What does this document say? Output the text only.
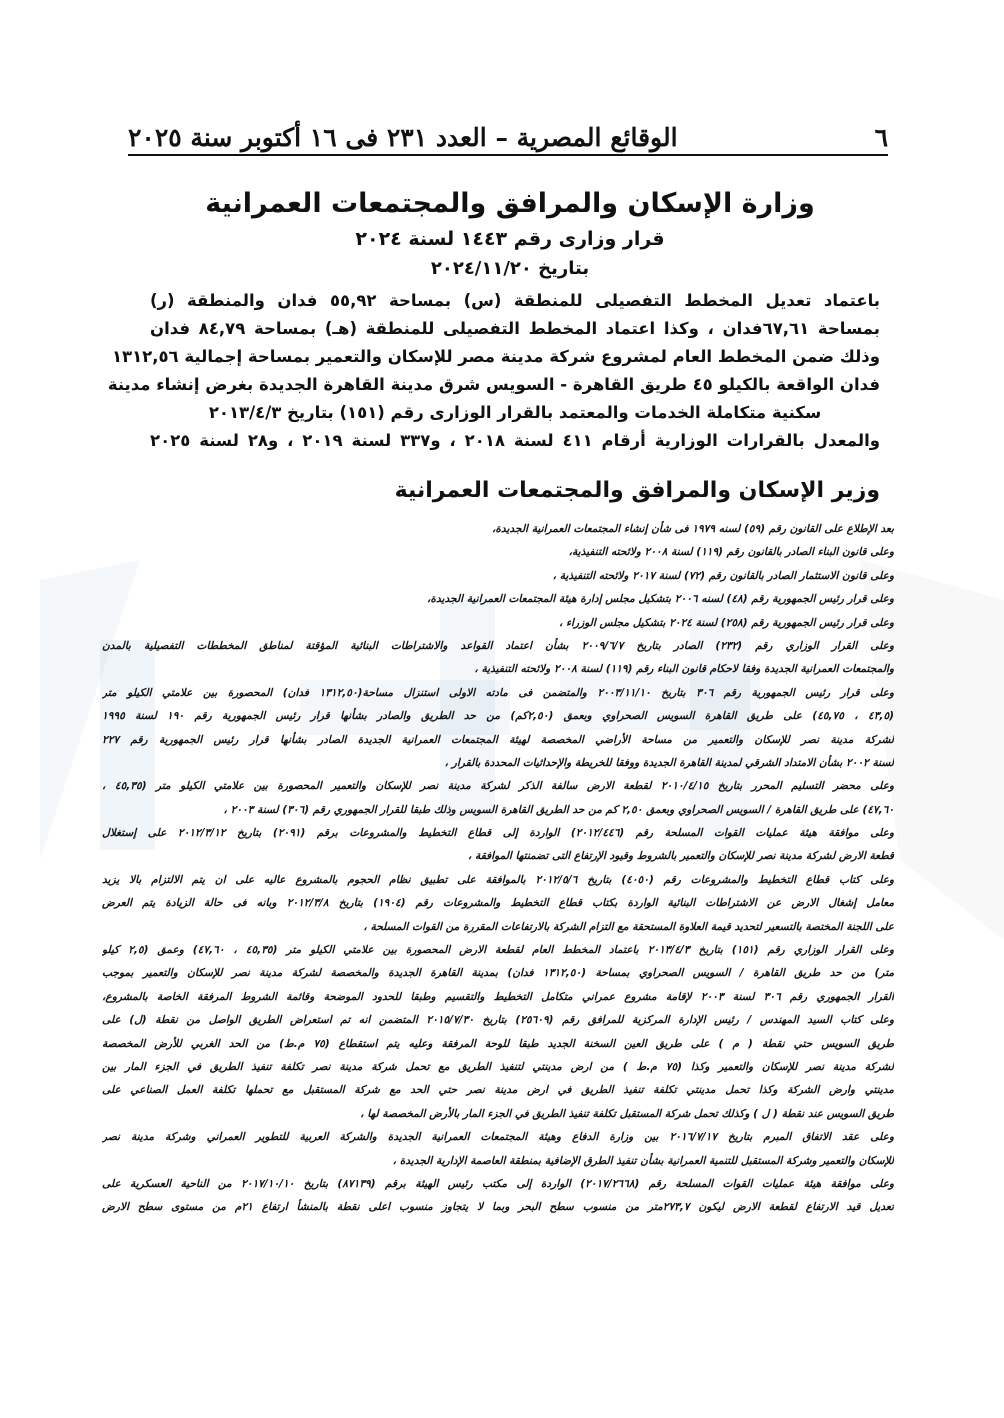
٦
الوقائع المصرية – العدد ٢٣١ فى ١٦ أكتوبر سنة ٢٠٢٥
وزارة الإسكان والمرافق والمجتمعات العمرانية
قرار وزارى رقم ١٤٤٣ لسنة ٢٠٢٤
بتاريخ ٢٠٢٤/١١/٢٠
باعتماد تعديل المخطط التفصيلى للمنطقة (س) بمساحة ٥٥,٩٢ فدان والمنطقة (ر)
بمساحة ٦٧,٦١فدان ، وكذا اعتماد المخطط التفصيلى للمنطقة (هـ) بمساحة ٨٤,٧٩ فدان
وذلك ضمن المخطط العام لمشروع شركة مدينة مصر للإسكان والتعمير بمساحة إجمالية ١٣١٢,٥٦
فدان الواقعة بالكيلو ٤٥ طريق القاهرة - السويس شرق مدينة القاهرة الجديدة بغرض إنشاء مدينة
سكنية متكاملة الخدمات والمعتمد بالقرار الوزارى رقم (١٥١) بتاريخ ٢٠١٣/٤/٣
والمعدل بالقرارات الوزارية أرقام ٤١١ لسنة ٢٠١٨ ، و٣٣٧ لسنة ٢٠١٩ ، و٢٨ لسنة ٢٠٢٥
وزير الإسكان والمرافق والمجتمعات العمرانية
بعد الإطلاع على القانون رقم (٥٩) لسنه ١٩٧٩ فى شأن إنشاء المجتمعات العمرانية الجديدة،
وعلى قانون البناء الصادر بالقانون رقم (١١٩) لسنة ٢٠٠٨ ولائحته التنفيذية،
وعلى قانون الاستثمار الصادر بالقانون رقم (٧٢) لسنة ٢٠١٧ ولائحته التنفيذية ،
وعلى قرار رئيس الجمهورية رقم (٤٨) لسنه ٢٠٠٦ بتشكيل مجلس إدارة هيئة المجتمعات العمرانية الجديدة،
وعلى قرار رئيس الجمهورية رقم (٢٥٨) لسنة ٢٠٢٤ بتشكيل مجلس الوزراء ،
وعلى القرار الوزاري رقم (٢٣٢) الصادر بتاريخ ٢٠٠٩/٦/٧ بشأن اعتماد القواعد والاشتراطات البنائية المؤقتة لمناطق المخططات التفصيلية بالمدن
والمجتمعات العمرانية الجديدة وفقا لاحكام قانون البناء رقم (١١٩) لسنة ٢٠٠٨ ولائحته التنفيذية ،
وعلى قرار رئيس الجمهورية رقم ٣٠٦ بتاريخ ٢٠٠٣/١١/١٠ والمتضمن فى مادته الاولى استنزال مساحة(١٣١٢,٥٠ فدان) المحصورة بين علامتي الكيلو متر
(٤٣,٥ ، ٤٥,٧٥) على طريق القاهرة السويس الصحراوي وبعمق (٢,٥٠كم) من حد الطريق والصادر بشأنها قرار رئيس الجمهورية رقم ١٩٠ لسنة ١٩٩٥
لشركة مدينة نصر للإسكان والتعمير من مساحة الأراضي المخصصة لهيئة المجتمعات العمرانية الجديدة الصادر بشأنها قرار رئيس الجمهورية رقم ٢٢٧
لسنة ٢٠٠٢ بشأن الامتداد الشرقي لمدينة القاهرة الجديدة ووفقا للخريطة والإحداثيات المحددة بالقرار ،
وعلى محضر التسليم المحرر بتاريخ ٢٠١٠/٤/١٥ لقطعة الارض سالفة الذكر لشركة مدينة نصر للإسكان والتعمير المحصورة بين علامتي الكيلو متر (٤٥,٣٥ ،
٤٧,٦٠) على طريق القاهرة / السويس الصحراوي وبعمق ٢,٥٠ كم من حد الطريق القاهرة السويس وذلك طبقا للقرار الجمهوري رقم (٣٠٦) لسنة ٢٠٠٣ ،
وعلى موافقة هيئة عمليات القوات المسلحة رقم (٢٠١٢/٤٤٦) الواردة إلى قطاع التخطيط والمشروعات برقم (٢٠٩١) بتاريخ ٢٠١٢/٣/١٢ على إستغلال
قطعة الارض لشركة مدينة نصر للإسكان والتعمير بالشروط وقيود الإرتفاع التى تضمنتها الموافقة ،
وعلى كتاب قطاع التخطيط والمشروعات رقم (٤٠٥٠) بتاريخ ٢٠١٢/٥/٦ بالموافقة على تطبيق نظام الحجوم بالمشروع عاليه على ان يتم الالتزام بالا يزيد
معامل إشغال الارض عن الاشتراطات البنائية الواردة بكتاب قطاع التخطيط والمشروعات رقم (١٩٠٤) بتاريخ ٢٠١٢/٣/٨ وبانه فى حالة الزيادة يتم العرض
على اللجنة المختصة بالتسعير لتحديد قيمة العلاوة المستحقة مع التزام الشركة بالارتفاعات المقررة من القوات المسلحة ،
وعلى القرار الوزاري رقم (١٥١) بتاريخ ٢٠١٣/٤/٣ باعتماد المخطط العام لقطعة الارض المحصورة بين علامتي الكيلو متر (٤٥,٣٥ ، ٤٧,٦٠) وعمق (٢,٥ كيلو
متر) من حد طريق القاهرة / السويس الصحراوي بمساحة (١٣١٢,٥٠ فدان) بمدينة القاهرة الجديدة والمخصصة لشركة مدينة نصر للإسكان والتعمير بموجب
القرار الجمهوري رقم ٣٠٦ لسنة ٢٠٠٣ لإقامة مشروع عمراني متكامل التخطيط والتقسيم وطبقا للحدود الموضحة وقائمة الشروط المرفقة الخاصة بالمشروع،
وعلى كتاب السيد المهندس / رئيس الإدارة المركزية للمرافق رقم (٢٥٦٠٩) بتاريخ ٢٠١٥/٧/٣٠ المتضمن انه تم استعراض الطريق الواصل من نقطة (ل) على
طريق السويس حتي نقطة ( م ) على طريق العين السخنة الجديد طبقا للوحة المرفقة وعليه يتم استقطاع (٧٥ م.ط) من الحد الغربي للأرض المخصصة
لشركة مدينة نصر للإسكان والتعمير وكذا (٧٥ م.ط ) من ارض مدينتي لتنفيذ الطريق مع تحمل شركة مدينة نصر تكلفة تنفيذ الطريق في الجزء المار بين
مدينتي وارض الشركة وكذا تحمل مدينتي تكلفة تنفيذ الطريق في ارض مدينة نصر حتي الحد مع شركة المستقبل مع تحملها تكلفة العمل الصناعي على
طريق السويس عند نقطة ( ل ) وكذلك تحمل شركة المستقبل تكلفة تنفيذ الطريق في الجزء المار بالأرض المخصصة لها ،
وعلى عقد الاتفاق المبرم بتاريخ ٢٠١٦/٧/١٧ بين وزارة الدفاع وهيئة المجتمعات العمرانية الجديدة والشركة العربية للتطوير العمراني وشركة مدينة نصر
للإسكان والتعمير وشركة المستقبل للتنمية العمرانية بشأن تنفيذ الطرق الإضافية بمنطقة العاصمة الإدارية الجديدة ،
وعلى موافقة هيئة عمليات القوات المسلحة رقم (٢٠١٧/٢٦٦٨) الواردة إلى مكتب رئيس الهيئة برقم (٨٧١٣٩) بتاريخ ٢٠١٧/١٠/١٠ من الناحية العسكرية على
تعديل قيد الارتفاع لقطعة الارض ليكون ٢٧٣,٧متر من منسوب سطح البحر وبما لا يتجاوز منسوب اعلى نقطة بالمنشأ ارتفاع ٢١م من مستوى سطح الارض
